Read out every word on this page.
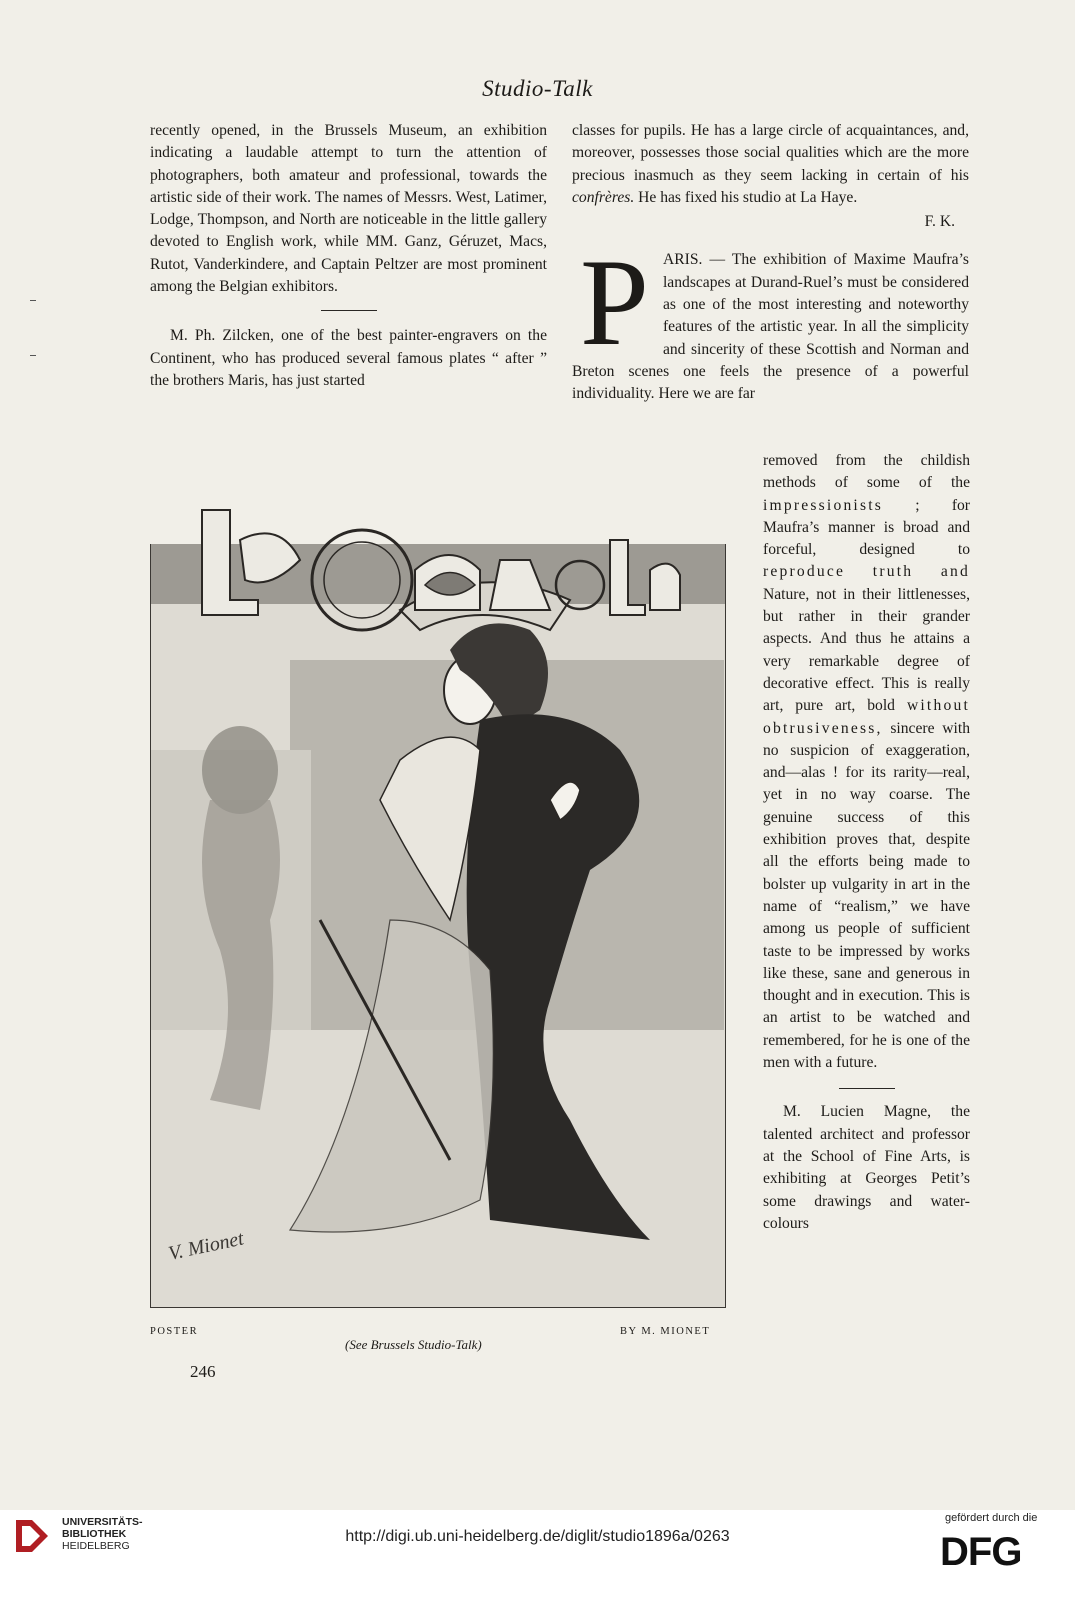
Studio-Talk

recently opened, in the Brussels Museum, an exhibition indicating a laudable attempt to turn the attention of photographers, both amateur and professional, towards the artistic side of their work. The names of Messrs. West, Latimer, Lodge, Thompson, and North are noticeable in the little gallery devoted to English work, while MM. Ganz, Géruzet, Macs, Rutot, Vanderkindere, and Captain Peltzer are most prominent among the Belgian exhibitors.

M. Ph. Zilcken, one of the best painter-engravers on the Continent, who has produced several famous plates “ after ” the brothers Maris, has just started

classes for pupils. He has a large circle of acquaintances, and, moreover, possesses those social qualities which are the more precious inasmuch as they seem lacking in certain of his confrères. He has fixed his studio at La Haye.

F. K.

P ARIS. — The exhibition of Maxime Maufra’s landscapes at Durand-Ruel’s must be considered as one of the most interesting and noteworthy features of the artistic year. In all the simplicity and sincerity of these Scottish and Norman and Breton scenes one feels the presence of a powerful individuality. Here we are far

removed from the childish methods of some of the impressionists ; for Maufra’s manner is broad and forceful, designed to reproduce truth and Nature, not in their littlenesses, but rather in their grander aspects. And thus he attains a very remarkable degree of decorative effect. This is really art, pure art, bold without obtrusiveness, sincere with no suspicion of exaggeration, and—alas ! for its rarity—real, yet in no way coarse. The genuine success of this exhibition proves that, despite all the efforts being made to bolster up vulgarity in art in the name of “realism,” we have among us people of sufficient taste to be impressed by works like these, sane and generous in thought and in execution. This is an artist to be watched and remembered, for he is one of the men with a future.

M. Lucien Magne, the talented architect and professor at the School of Fine Arts, is exhibiting at Georges Petit’s some drawings and water-colours

V. Mionet
POSTER	BY M. MIONET
(See Brussels Studio-Talk)
246
UNIVERSITÄTS-
BIBLIOTHEK
HEIDELBERG
http://digi.ub.uni-heidelberg.de/diglit/studio1896a/0263
gefördert durch die
DFG
